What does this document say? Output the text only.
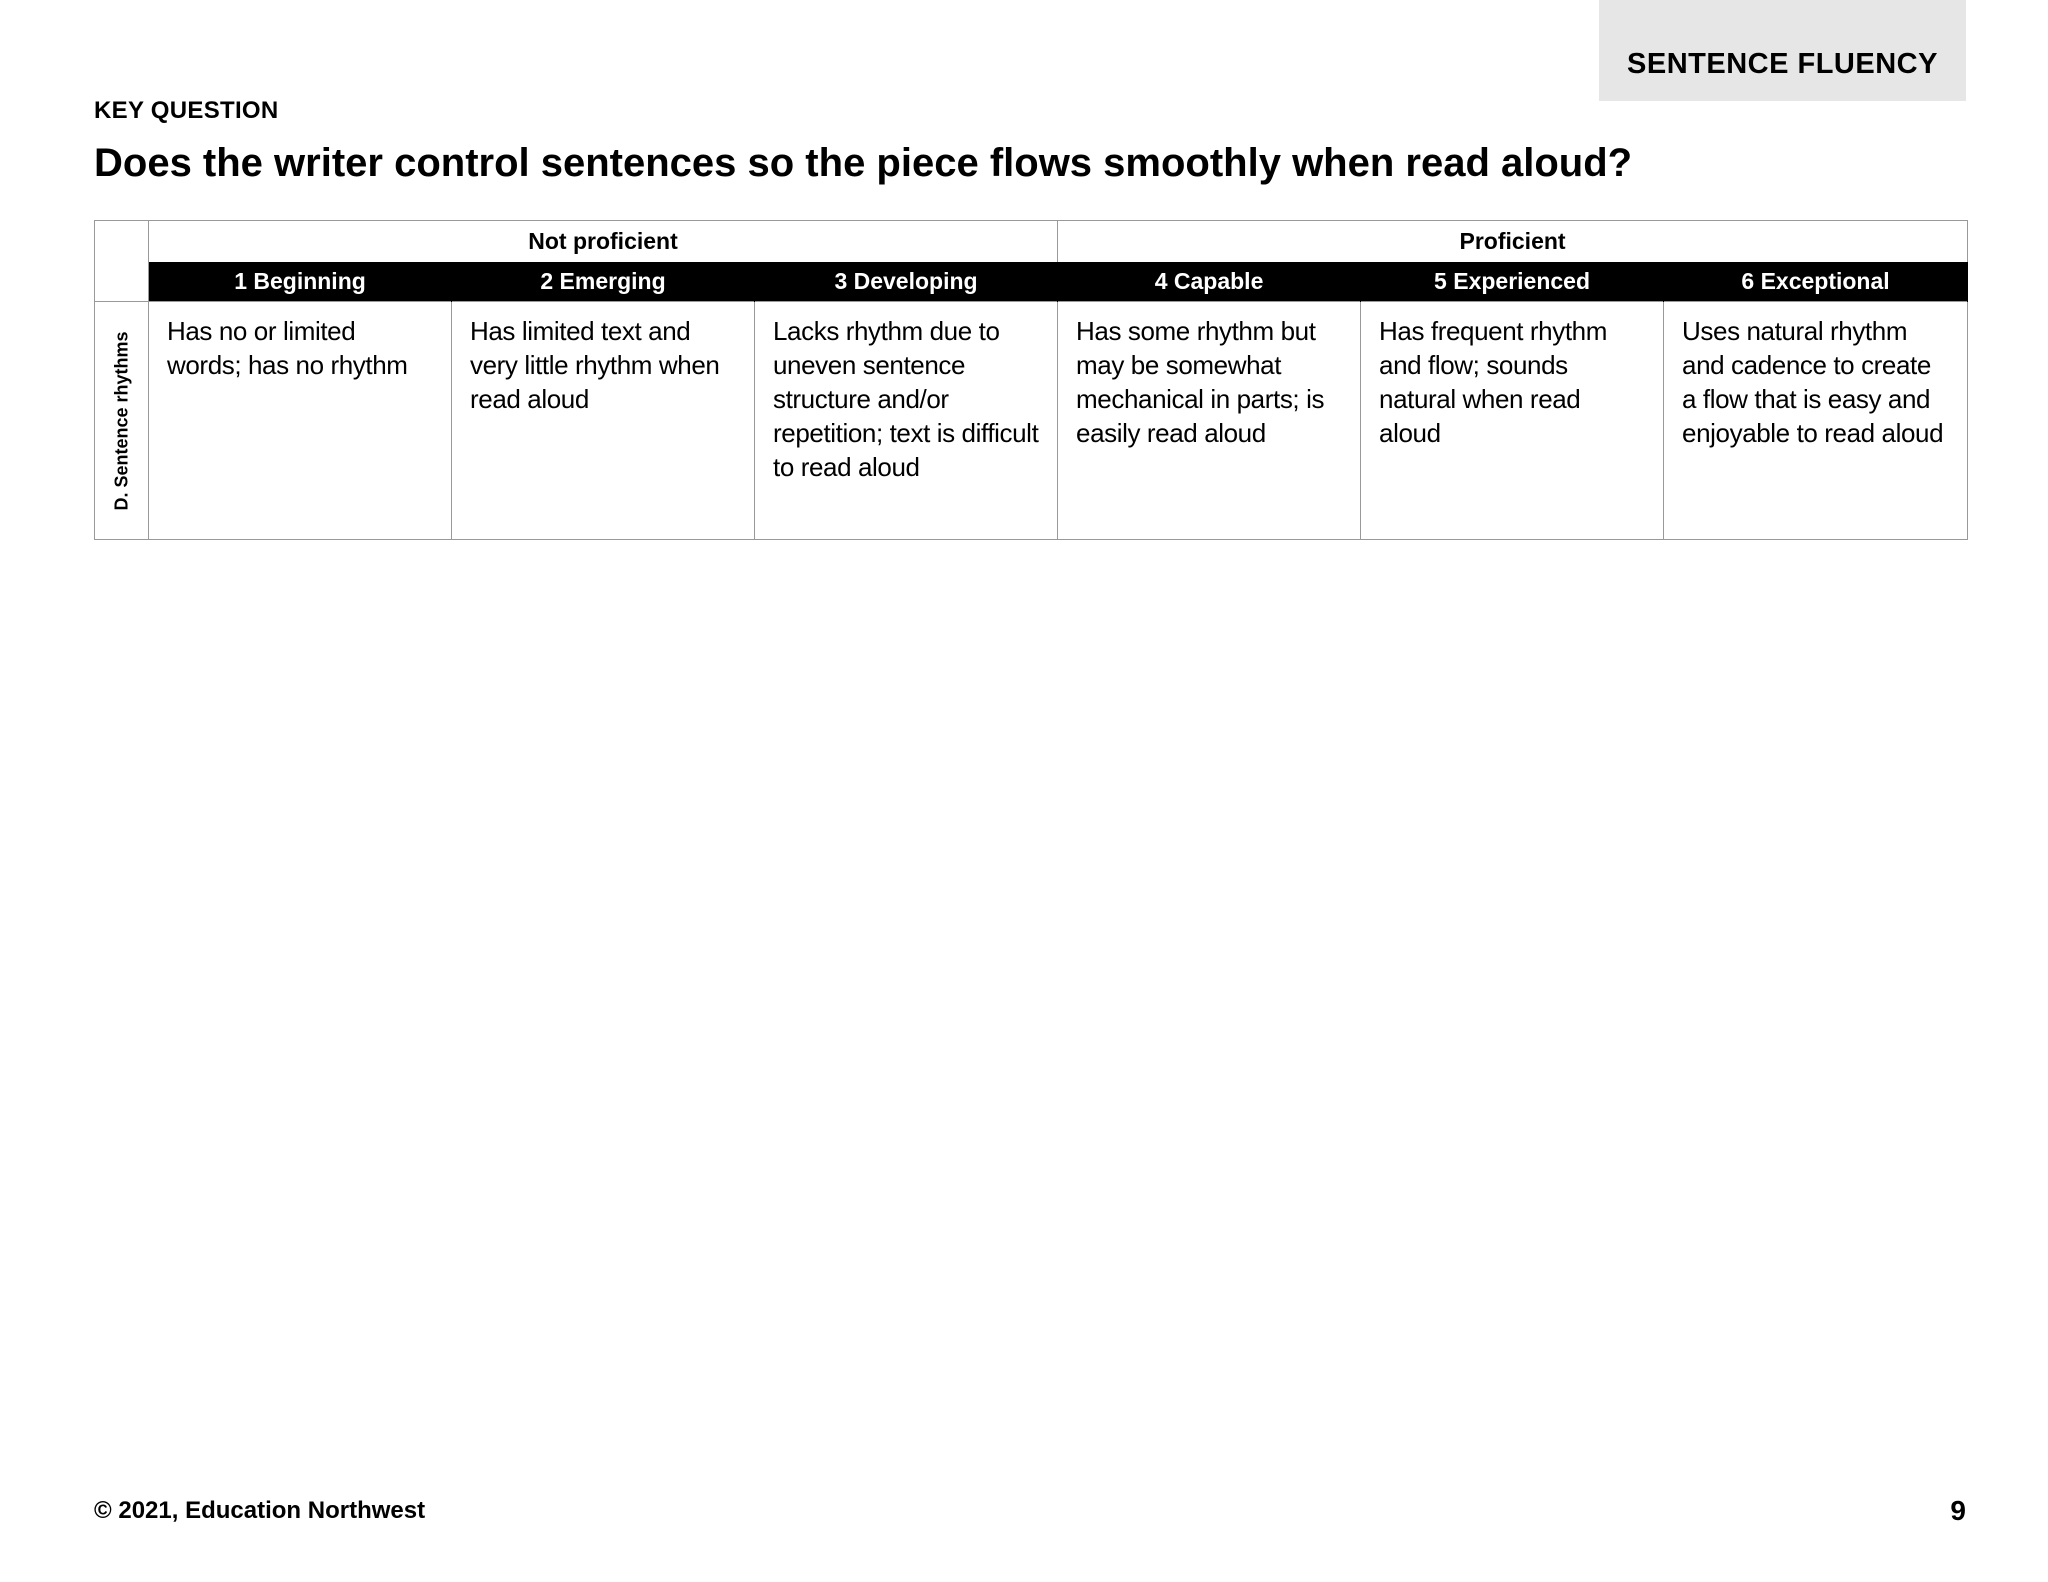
SENTENCE FLUENCY
KEY QUESTION
Does the writer control sentences so the piece flows smoothly when read aloud?
	Not proficient			Proficient		
	1 Beginning	2 Emerging	3 Developing	4 Capable	5 Experienced	6 Exceptional

D. Sentence rhythms	Has no or limited words; has no rhythm	Has limited text and very little rhythm when read aloud	Lacks rhythm due to uneven sentence structure and/or repetition; text is difficult to read aloud	Has some rhythm but may be somewhat mechanical in parts; is easily read aloud	Has frequent rhythm and flow; sounds natural when read aloud	Uses natural rhythm and cadence to create a flow that is easy and enjoyable to read aloud
© 2021, Education Northwest	9
